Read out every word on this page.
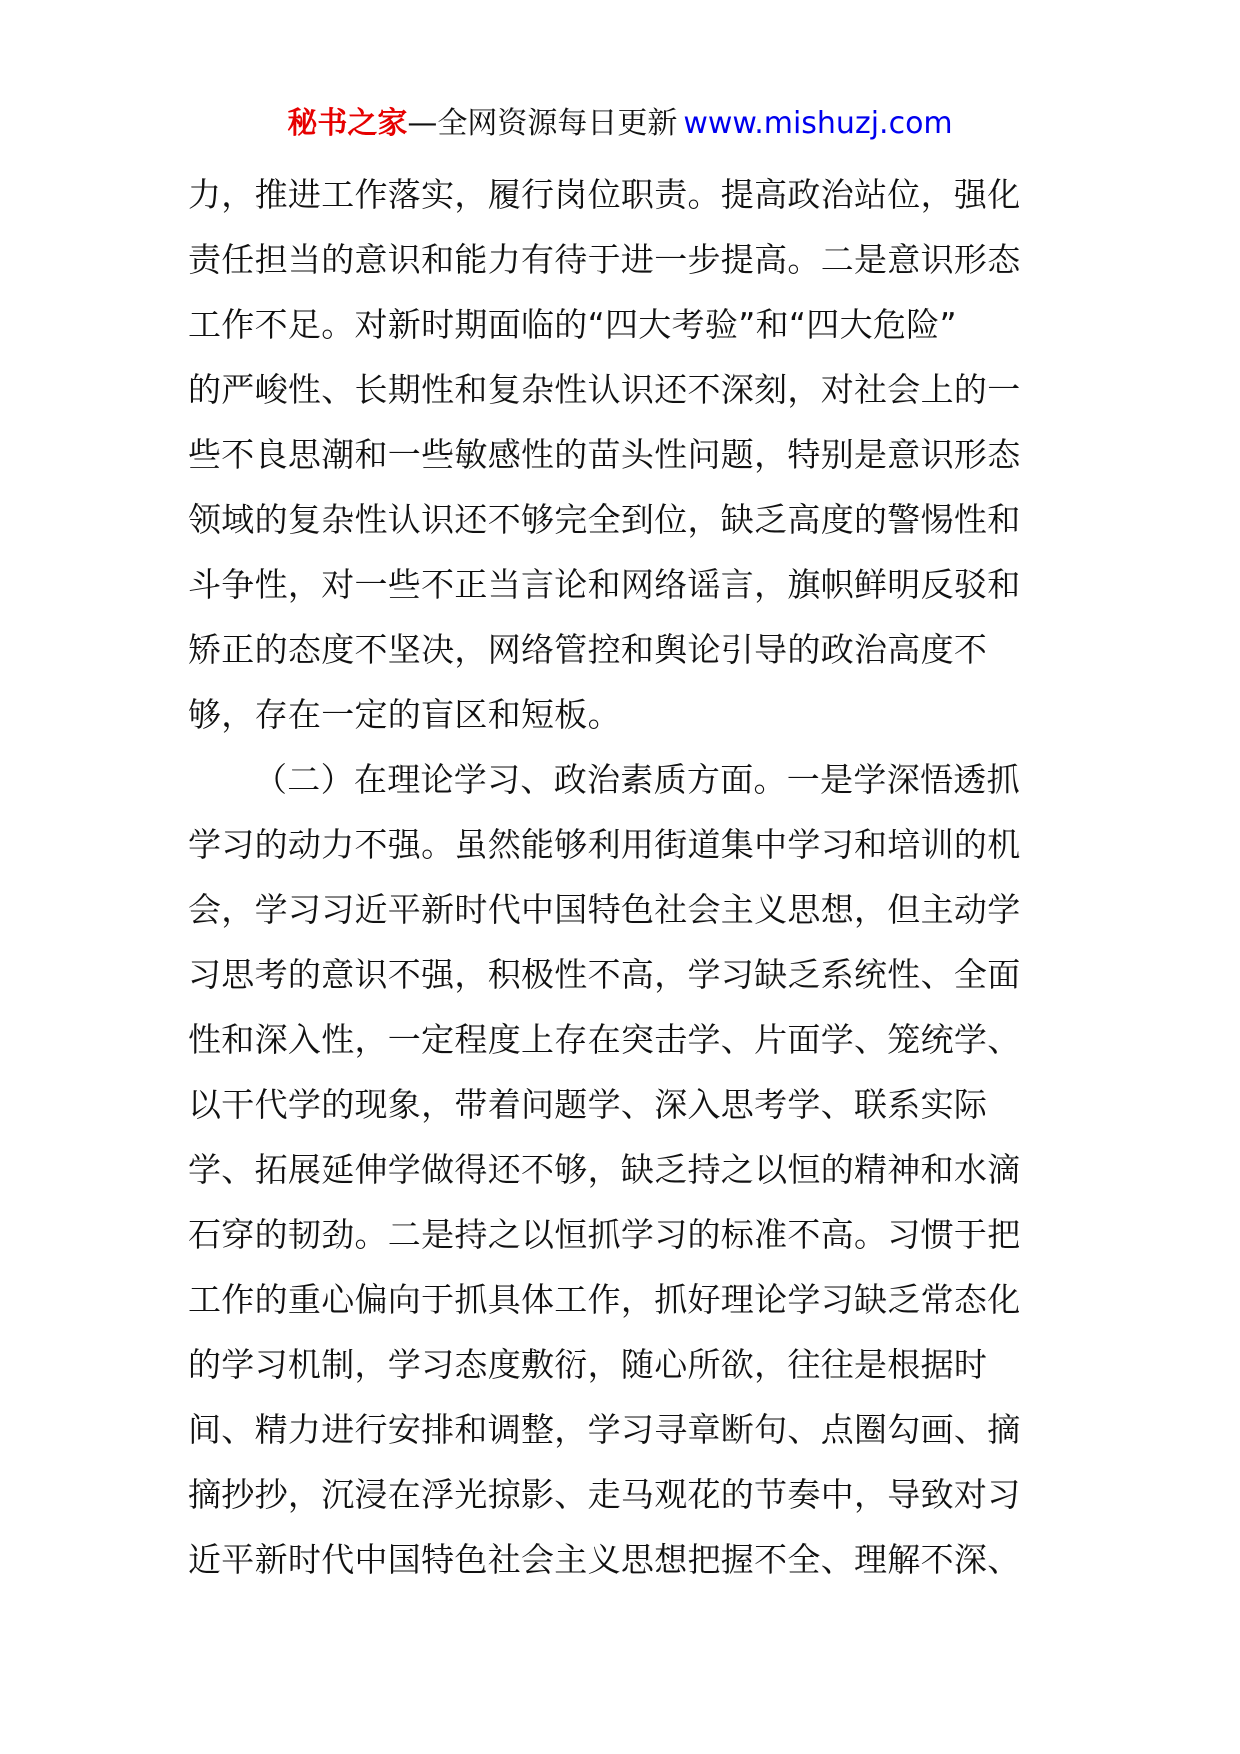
秘书之家—全网资源每日更新 www.mishuzj.com
力，推进工作落实，履行岗位职责。提高政治站位，强化
责任担当的意识和能力有待于进一步提高。二是意识形态
工作不足。对新时期面临的“四大考验”和“四大危险”
的严峻性、长期性和复杂性认识还不深刻，对社会上的一
些不良思潮和一些敏感性的苗头性问题，特别是意识形态
领域的复杂性认识还不够完全到位，缺乏高度的警惕性和
斗争性，对一些不正当言论和网络谣言，旗帜鲜明反驳和
矫正的态度不坚决，网络管控和舆论引导的政治高度不
够，存在一定的盲区和短板。
（二）在理论学习、政治素质方面。一是学深悟透抓
学习的动力不强。虽然能够利用街道集中学习和培训的机
会，学习习近平新时代中国特色社会主义思想，但主动学
习思考的意识不强，积极性不高，学习缺乏系统性、全面
性和深入性，一定程度上存在突击学、片面学、笼统学、
以干代学的现象，带着问题学、深入思考学、联系实际
学、拓展延伸学做得还不够，缺乏持之以恒的精神和水滴
石穿的韧劲。二是持之以恒抓学习的标准不高。习惯于把
工作的重心偏向于抓具体工作，抓好理论学习缺乏常态化
的学习机制，学习态度敷衍，随心所欲，往往是根据时
间、精力进行安排和调整，学习寻章断句、点圈勾画、摘
摘抄抄，沉浸在浮光掠影、走马观花的节奏中，导致对习
近平新时代中国特色社会主义思想把握不全、理解不深、
